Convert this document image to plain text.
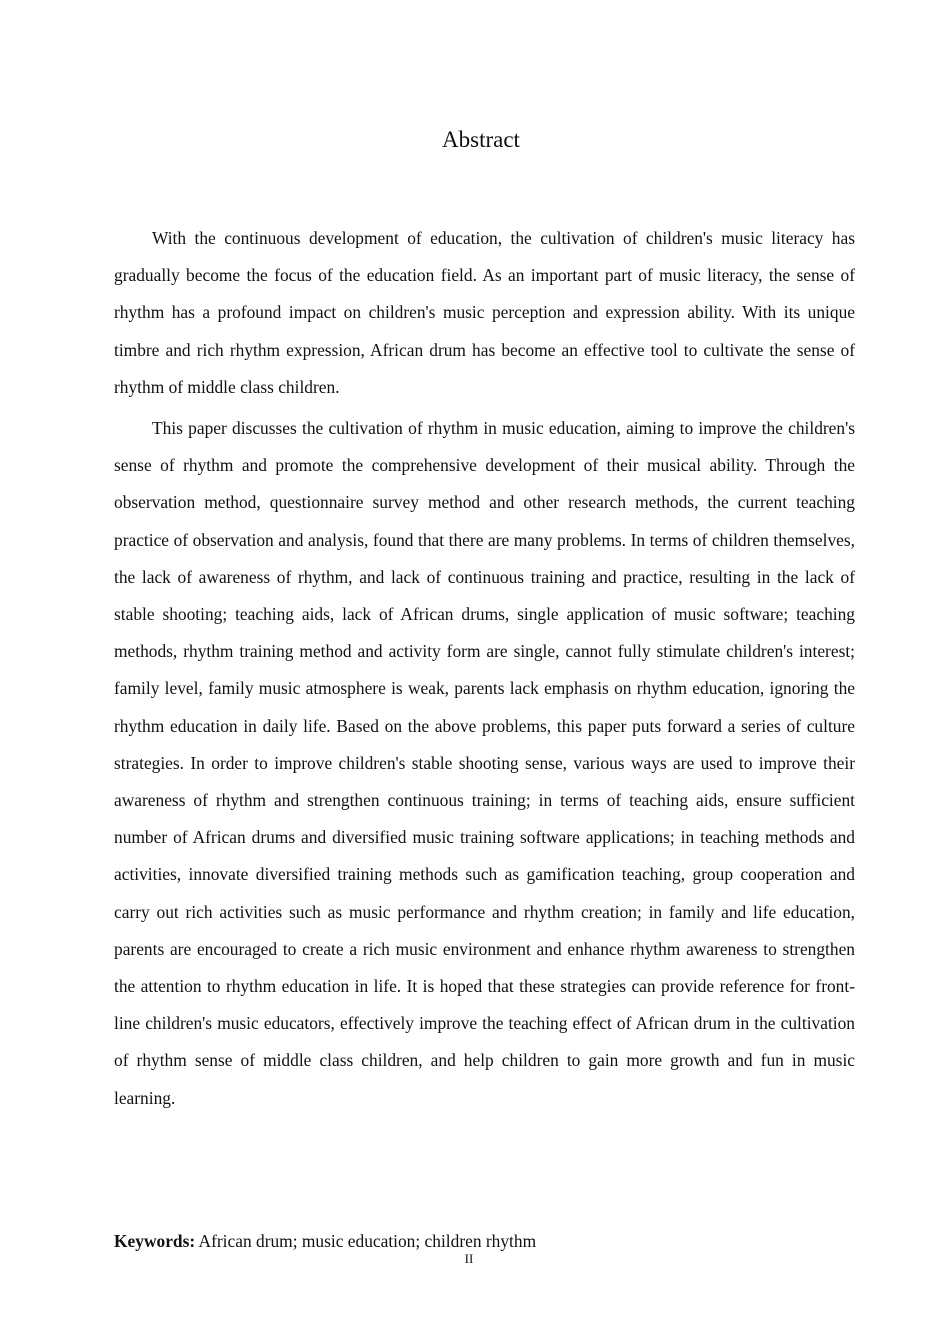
Abstract

With the continuous development of education, the cultivation of children's music literacy has gradually become the focus of the education field. As an important part of music literacy, the sense of rhythm has a profound impact on children's music perception and expression ability. With its unique timbre and rich rhythm expression, African drum has become an effective tool to cultivate the sense of rhythm of middle class children.

This paper discusses the cultivation of rhythm in music education, aiming to improve the children's sense of rhythm and promote the comprehensive development of their musical ability. Through the observation method, questionnaire survey method and other research methods, the current teaching practice of observation and analysis, found that there are many problems. In terms of children themselves, the lack of awareness of rhythm, and lack of continuous training and practice, resulting in the lack of stable shooting; teaching aids, lack of African drums, single application of music software; teaching methods, rhythm training method and activity form are single, cannot fully stimulate children's interest; family level, family music atmosphere is weak, parents lack emphasis on rhythm education, ignoring the rhythm education in daily life. Based on the above problems, this paper puts forward a series of culture strategies. In order to improve children's stable shooting sense, various ways are used to improve their awareness of rhythm and strengthen continuous training; in terms of teaching aids, ensure sufficient number of African drums and diversified music training software applications; in teaching methods and activities, innovate diversified training methods such as gamification teaching, group cooperation and carry out rich activities such as music performance and rhythm creation; in family and life education, parents are encouraged to create a rich music environment and enhance rhythm awareness to strengthen the attention to rhythm education in life. It is hoped that these strategies can provide reference for front-line children's music educators, effectively improve the teaching effect of African drum in the cultivation of rhythm sense of middle class children, and help children to gain more growth and fun in music learning.

Keywords: African drum; music education; children rhythm
II
